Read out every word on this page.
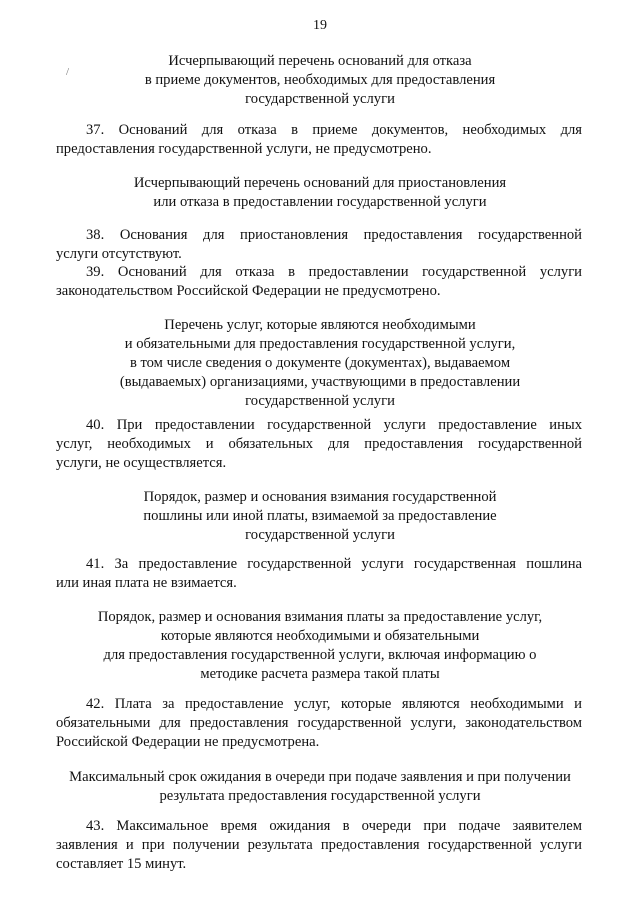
19
/
Исчерпывающий перечень оснований для отказа
в приеме документов, необходимых для предоставления
государственной услуги
37. Оснований для отказа в приеме документов, необходимых для
предоставления государственной услуги, не предусмотрено.
Исчерпывающий перечень оснований для приостановления
или отказа в предоставлении государственной услуги
38. Основания для приостановления предоставления государственной
услуги отсутствуют.
39. Оснований для отказа в предоставлении государственной услуги
законодательством Российской Федерации не предусмотрено.
Перечень услуг, которые являются необходимыми
и обязательными для предоставления государственной услуги,
в том числе сведения о документе (документах), выдаваемом
(выдаваемых) организациями, участвующими в предоставлении
государственной услуги
40. При предоставлении государственной услуги предоставление иных
услуг, необходимых и обязательных для предоставления государственной
услуги, не осуществляется.
Порядок, размер и основания взимания государственной
пошлины или иной платы, взимаемой за предоставление
государственной услуги
41. За предоставление государственной услуги государственная пошлина
или иная плата не взимается.
Порядок, размер и основания взимания платы за предоставление услуг,
которые являются необходимыми и обязательными
для предоставления государственной услуги, включая информацию о
методике расчета размера такой платы
42. Плата за предоставление услуг, которые являются необходимыми и
обязательными для предоставления государственной услуги, законодательством
Российской Федерации не предусмотрена.
Максимальный срок ожидания в очереди при подаче заявления и при получении
результата предоставления государственной услуги
43. Максимальное время ожидания в очереди при подаче заявителем
заявления и при получении результата предоставления государственной услуги
составляет 15 минут.
